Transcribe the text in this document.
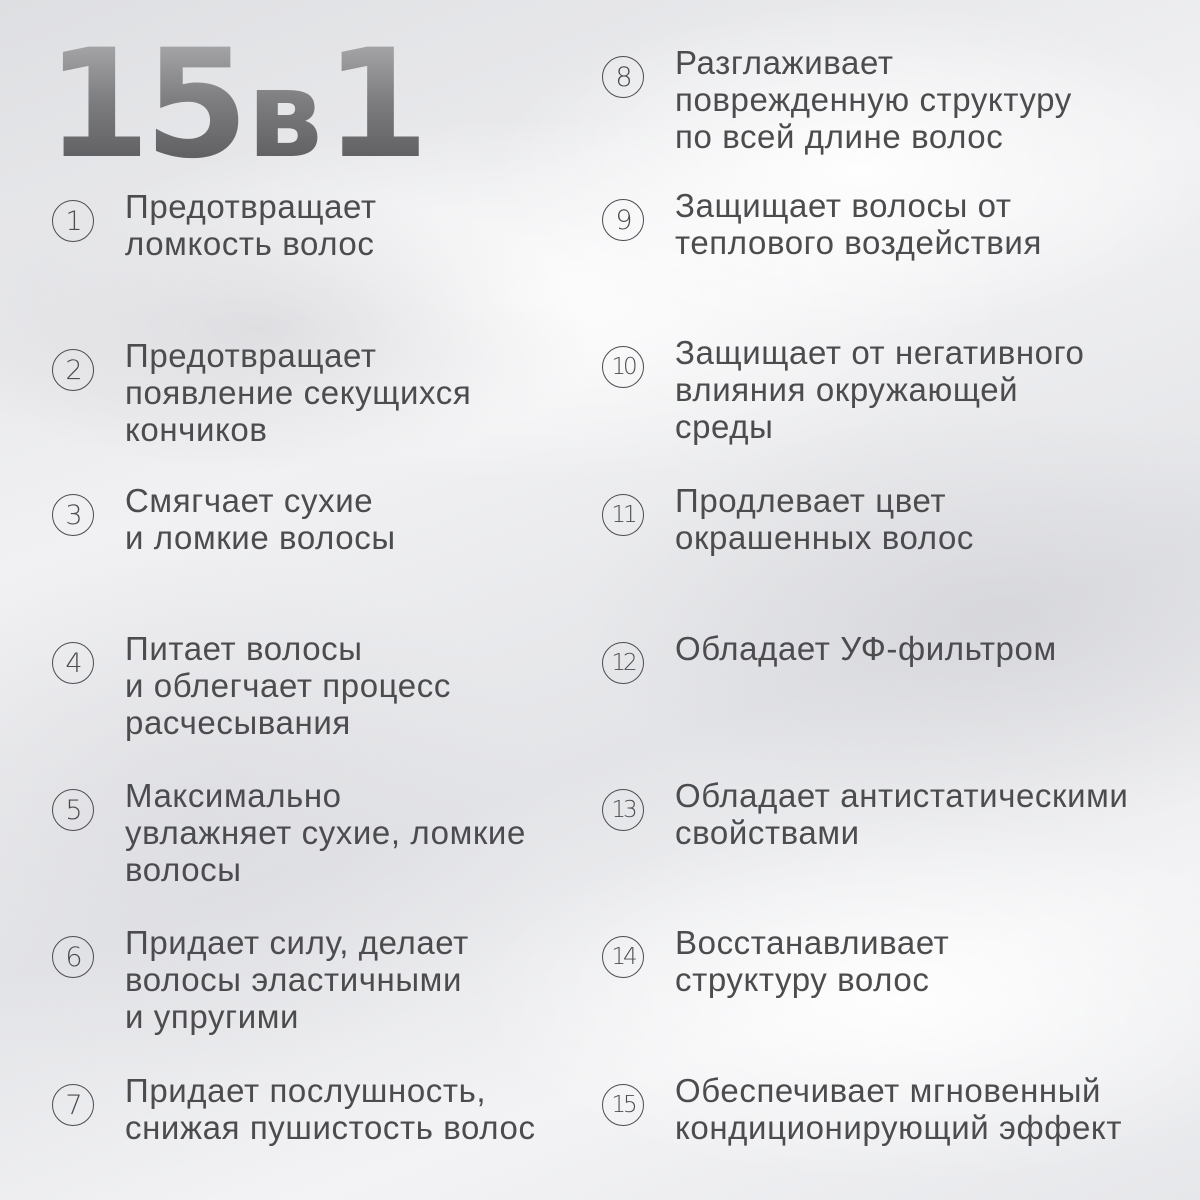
15в1
1	Предотвращает
ломкость волос
2	Предотвращает
появление секущихся
кончиков
3	Смягчает сухие
и ломкие волосы
4	Питает волосы
и облегчает процесс
расчесывания
5	Максимально
увлажняет сухие, ломкие
волосы
6	Придает силу, делает
волосы эластичными
и упругими
7	Придает послушность,
снижая пушистость волос
8	Разглаживает
поврежденную структуру
по всей длине волос
9	Защищает волосы от
теплового воздействия
10 Защищает от негативного
влияния окружающей
среды
11 Продлевает цвет
окрашенных волос
12 Обладает УФ-фильтром
13 Обладает антистатическими
свойствами
14 Восстанавливает
структуру волос
15 Обеспечивает мгновенный
кондиционирующий эффект
